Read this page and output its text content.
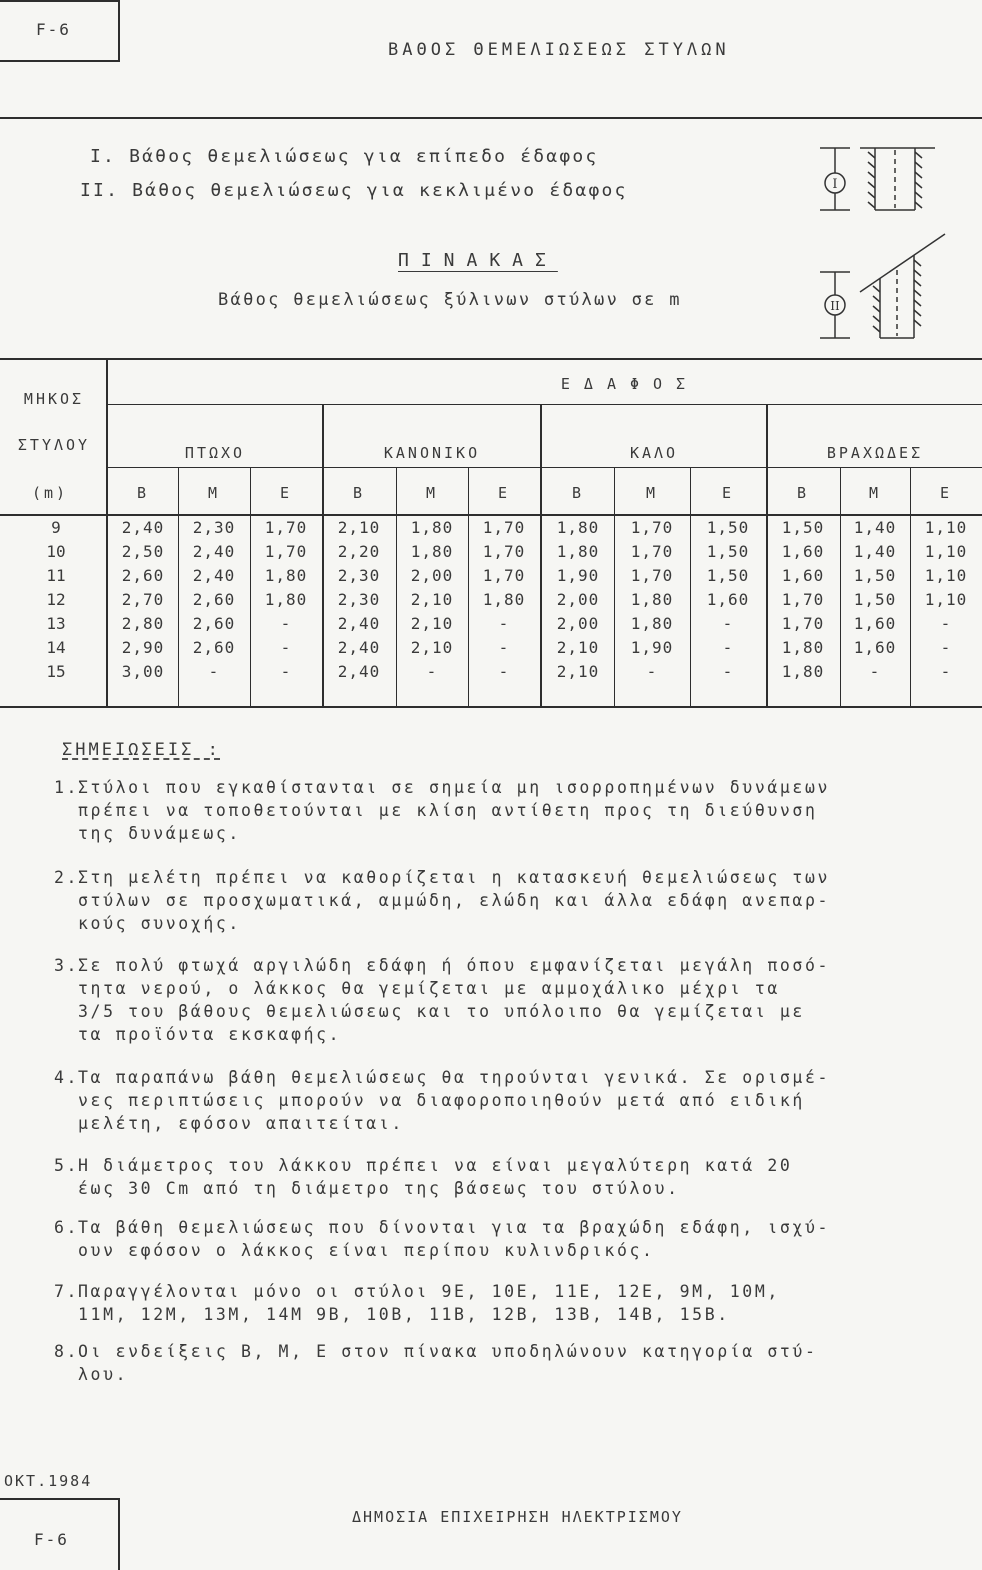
F-6
ΒΑΘΟΣ ΘΕΜΕΛΙΩΣΕΩΣ ΣΤΥΛΩΝ
Ι. Βάθος θεμελιώσεως για επίπεδο έδαφος
ΙΙ. Βάθος θεμελιώσεως για κεκλιμένο έδαφος	I
II
ΠΙΝΑΚΑΣ
Βάθος θεμελιώσεως ξύλινων στύλων σε m
ΜΗΚΟΣ
ΣΤΥΛΟΥ
(m)
ΕΔΑΦΟΣ
ΠΤΩΧΟ	ΚΑΝΟΝΙΚΟ	ΚΑΛΟ	ΒΡΑΧΩΔΕΣ
Β	Μ	Ε	Β	Μ	Ε	Β	Μ	Ε	Β	Μ	Ε
9	2,40	2,30	1,70	2,10	1,80	1,70	1,80	1,70	1,50	1,50	1,40	1,10
10	2,50	2,40	1,70	2,20	1,80	1,70	1,80	1,70	1,50	1,60	1,40	1,10
11	2,60	2,40	1,80	2,30	2,00	1,70	1,90	1,70	1,50	1,60	1,50	1,10
12	2,70	2,60	1,80	2,30	2,10	1,80	2,00	1,80	1,60	1,70	1,50	1,10
13	2,80	2,60	-	2,40	2,10	-	2,00	1,80	-	1,70	1,60	-
14	2,90	2,60	-	2,40	2,10	-	2,10	1,90	-	1,80	1,60	-
15	3,00	-	-	2,40	-	-	2,10	-	-	1,80	-	-
ΣΗΜΕΙΩΣΕΙΣ :
1.Στύλοι που εγκαθίστανται σε σημεία μη ισορροπημένων δυνάμεων
πρέπει να τοποθετούνται με κλίση αντίθετη προς τη διεύθυνση
της δυνάμεως.
2.Στη μελέτη πρέπει να καθορίζεται η κατασκευή θεμελιώσεως των
στύλων σε προσχωματικά, αμμώδη, ελώδη και άλλα εδάφη ανεπαρ-
κούς συνοχής.
3.Σε πολύ φτωχά αργιλώδη εδάφη ή όπου εμφανίζεται μεγάλη ποσό-
τητα νερού, ο λάκκος θα γεμίζεται με αμμοχάλικο μέχρι τα
3/5 του βάθους θεμελιώσεως και το υπόλοιπο θα γεμίζεται με
τα προϊόντα εκσκαφής.
4.Τα παραπάνω βάθη θεμελιώσεως θα τηρούνται γενικά. Σε ορισμέ-
νες περιπτώσεις μπορούν να διαφοροποιηθούν μετά από ειδική
μελέτη, εφόσον απαιτείται.
5.Η διάμετρος του λάκκου πρέπει να είναι μεγαλύτερη κατά 20
έως 30 Cm από τη διάμετρο της βάσεως του στύλου.
6.Τα βάθη θεμελιώσεως που δίνονται για τα βραχώδη εδάφη, ισχύ-
ουν εφόσον ο λάκκος είναι περίπου κυλινδρικός.
7.Παραγγέλονται μόνο οι στύλοι 9Ε, 10Ε, 11Ε, 12Ε, 9Μ, 10Μ,
11Μ, 12Μ, 13Μ, 14Μ 9Β, 10Β, 11Β, 12Β, 13Β, 14Β, 15Β.
8.Οι ενδείξεις Β, Μ, Ε στον πίνακα υποδηλώνουν κατηγορία στύ-
λου.
ΟΚΤ.1984
ΔΗΜΟΣΙΑ ΕΠΙΧΕΙΡΗΣΗ ΗΛΕΚΤΡΙΣΜΟΥ
F-6
